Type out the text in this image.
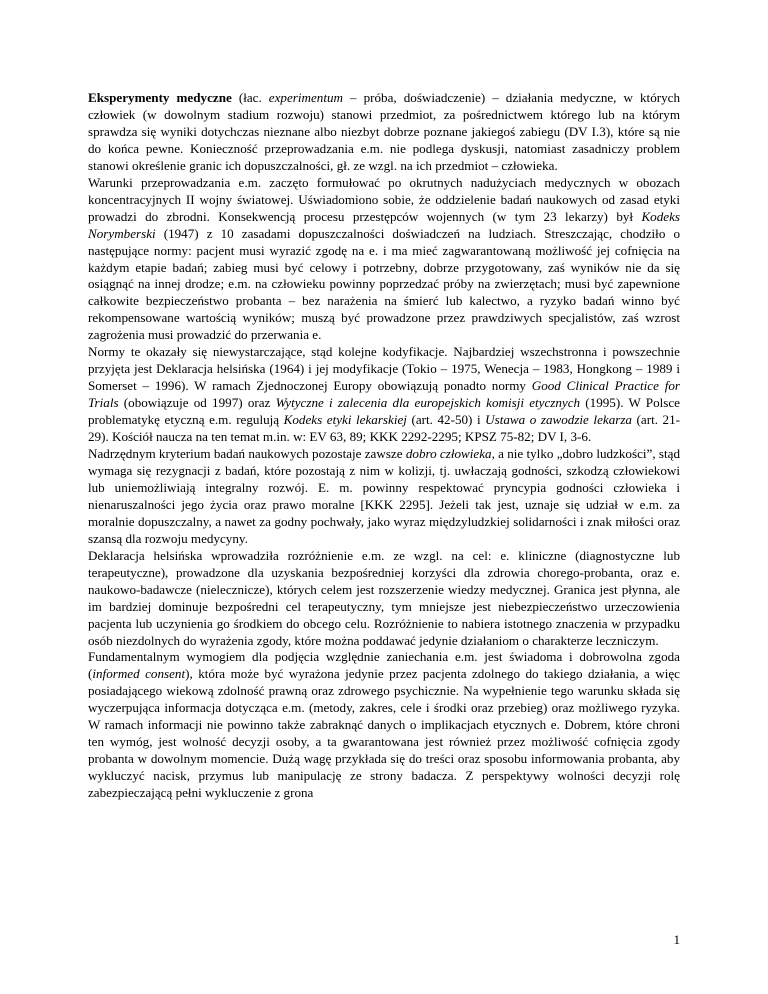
Eksperymenty medyczne (łac. experimentum – próba, doświadczenie) – działania medyczne, w których człowiek (w dowolnym stadium rozwoju) stanowi przedmiot, za pośrednictwem którego lub na którym sprawdza się wyniki dotychczas nieznane albo niezbyt dobrze poznane jakiegoś zabiegu (DV I.3), które są nie do końca pewne. Konieczność przeprowadzania e.m. nie podlega dyskusji, natomiast zasadniczy problem stanowi określenie granic ich dopuszczalności, gł. ze wzgl. na ich przedmiot – człowieka.

Warunki przeprowadzania e.m. zaczęto formułować po okrutnych nadużyciach medycznych w obozach koncentracyjnych II wojny światowej. Uświadomiono sobie, że oddzielenie badań naukowych od zasad etyki prowadzi do zbrodni. Konsekwencją procesu przestępców wojennych (w tym 23 lekarzy) był Kodeks Norymberski (1947) z 10 zasadami dopuszczalności doświadczeń na ludziach. Streszczając, chodziło o następujące normy: pacjent musi wyrazić zgodę na e. i ma mieć zagwarantowaną możliwość jej cofnięcia na każdym etapie badań; zabieg musi być celowy i potrzebny, dobrze przygotowany, zaś wyników nie da się osiągnąć na innej drodze; e.m. na człowieku powinny poprzedzać próby na zwierzętach; musi być zapewnione całkowite bezpieczeństwo probanta – bez narażenia na śmierć lub kalectwo, a ryzyko badań winno być rekompensowane wartością wyników; muszą być prowadzone przez prawdziwych specjalistów, zaś wzrost zagrożenia musi prowadzić do przerwania e.

Normy te okazały się niewystarczające, stąd kolejne kodyfikacje. Najbardziej wszechstronna i powszechnie przyjęta jest Deklaracja helsińska (1964) i jej modyfikacje (Tokio – 1975, Wenecja – 1983, Hongkong – 1989 i Somerset – 1996). W ramach Zjednoczonej Europy obowiązują ponadto normy Good Clinical Practice for Trials (obowiązuje od 1997) oraz Wytyczne i zalecenia dla europejskich komisji etycznych (1995). W Polsce problematykę etyczną e.m. regulują Kodeks etyki lekarskiej (art. 42-50) i Ustawa o zawodzie lekarza (art. 21-29). Kościół naucza na ten temat m.in. w: EV 63, 89; KKK 2292-2295; KPSZ 75-82; DV I, 3-6.

Nadrzędnym kryterium badań naukowych pozostaje zawsze dobro człowieka, a nie tylko „dobro ludzkości”, stąd wymaga się rezygnacji z badań, które pozostają z nim w kolizji, tj. uwłaczają godności, szkodzą człowiekowi lub uniemożliwiają integralny rozwój. E. m. powinny respektować pryncypia godności człowieka i nienaruszalności jego życia oraz prawo moralne [KKK 2295]. Jeżeli tak jest, uznaje się udział w e.m. za moralnie dopuszczalny, a nawet za godny pochwały, jako wyraz międzyludzkiej solidarności i znak miłości oraz szansą dla rozwoju medycyny.

Deklaracja helsińska wprowadziła rozróżnienie e.m. ze wzgl. na cel: e. kliniczne (diagnostyczne lub terapeutyczne), prowadzone dla uzyskania bezpośredniej korzyści dla zdrowia chorego-probanta, oraz e. naukowo-badawcze (nielecznicze), których celem jest rozszerzenie wiedzy medycznej. Granica jest płynna, ale im bardziej dominuje bezpośredni cel terapeutyczny, tym mniejsze jest niebezpieczeństwo urzeczowienia pacjenta lub uczynienia go środkiem do obcego celu. Rozróżnienie to nabiera istotnego znaczenia w przypadku osób niezdolnych do wyrażenia zgody, które można poddawać jedynie działaniom o charakterze leczniczym.

Fundamentalnym wymogiem dla podjęcia względnie zaniechania e.m. jest świadoma i dobrowolna zgoda (informed consent), która może być wyrażona jedynie przez pacjenta zdolnego do takiego działania, a więc posiadającego wiekową zdolność prawną oraz zdrowego psychicznie. Na wypełnienie tego warunku składa się wyczerpująca informacja dotycząca e.m. (metody, zakres, cele i środki oraz przebieg) oraz możliwego ryzyka. W ramach informacji nie powinno także zabraknąć danych o implikacjach etycznych e. Dobrem, które chroni ten wymóg, jest wolność decyzji osoby, a ta gwarantowana jest również przez możliwość cofnięcia zgody probanta w dowolnym momencie. Dużą wagę przykłada się do treści oraz sposobu informowania probanta, aby wykluczyć nacisk, przymus lub manipulację ze strony badacza. Z perspektywy wolności decyzji rolę zabezpieczającą pełni wykluczenie z grona

1
